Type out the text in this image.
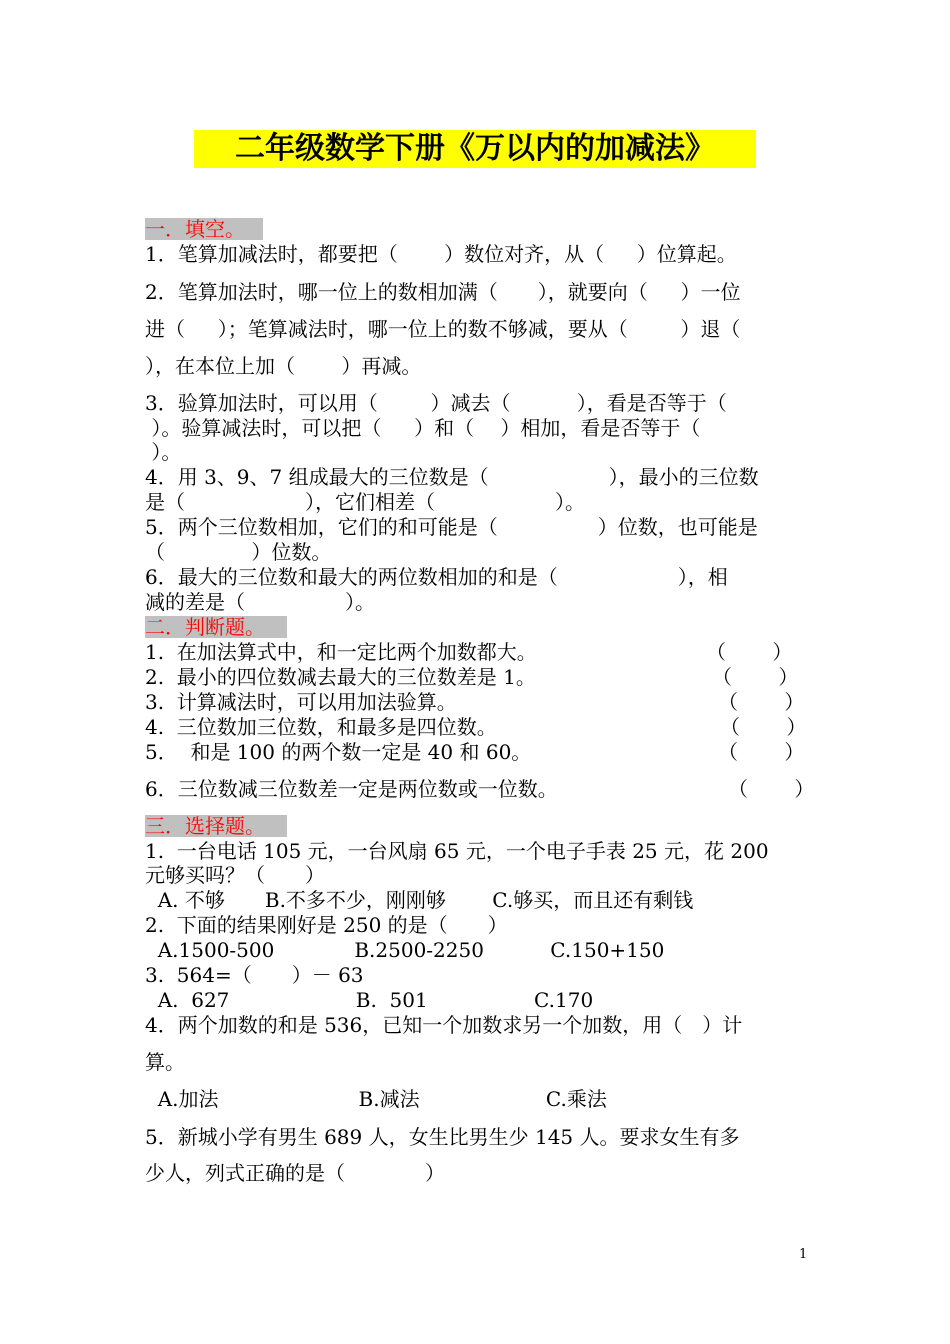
二年级数学下册《万以内的加减法》
一．填空。
1．笔算加减法时，都要把（　　 ）数位对齐，从（ 　 ）位算起。
2．笔算加法时，哪一位上的数相加满（　　），就要向（ 　 ）一位
进（ 　 ）；笔算减法时，哪一位上的数不够减，要从（　 　 ）退（
），在本位上加（　　 ）再减。
3．验算加法时，可以用（　 　 ）减去（　　 　），看是否等于（
）。验算减法时，可以把（ 　 ）和（　 ）相加，看是否等于（
）。
4．用 3、9、7 组成最大的三位数是（　　　　　　），最小的三位数
是（　　　　　　），它们相差（　　　　　　）。
5．两个三位数相加，它们的和可能是（　　　　　）位数，也可能是
（　　　　 ）位数。
6．最大的三位数和最大的两位数相加的和是（　　　　　　），相
减的差是（　　　　　）。
二．判断题。
1.  在加法算式中，和一定比两个加数都大。	（　　 ）
2.  最小的四位数减去最大的三位数差是 1。	（　　 ）
3.  计算减法时，可以用加法验算。	（　　 ）
4.  三位数加三位数，和最多是四位数。	（　　 ）
5．  和是 100 的两个数一定是 40 和 60。	（　　 ）
6．三位数减三位数差一定是两位数或一位数。	（　　 ）
三．选择题。
1.  一台电话 105 元，一台风扇 65 元，一个电子手表 25 元，花 200
元够买吗？（　　）
A. 不够　　B.不多不少，刚刚够　　 C.够买，而且还有剩钱
2.  下面的结果刚好是 250 的是（　　）
A.1500-500　　　　B.2500-2250　　　 C.150+150
3.  564=（　　）－ 63
A.  627　　　　　　 B.  501　　　　　 C.170
4．两个加数的和是 536，已知一个加数求另一个加数，用（　）计
算。
A.加法　　　　　　　B.减法　　　　　　 C.乘法
5．新城小学有男生 689 人，女生比男生少 145 人。要求女生有多
少人，列式正确的是（　　　　）
1
